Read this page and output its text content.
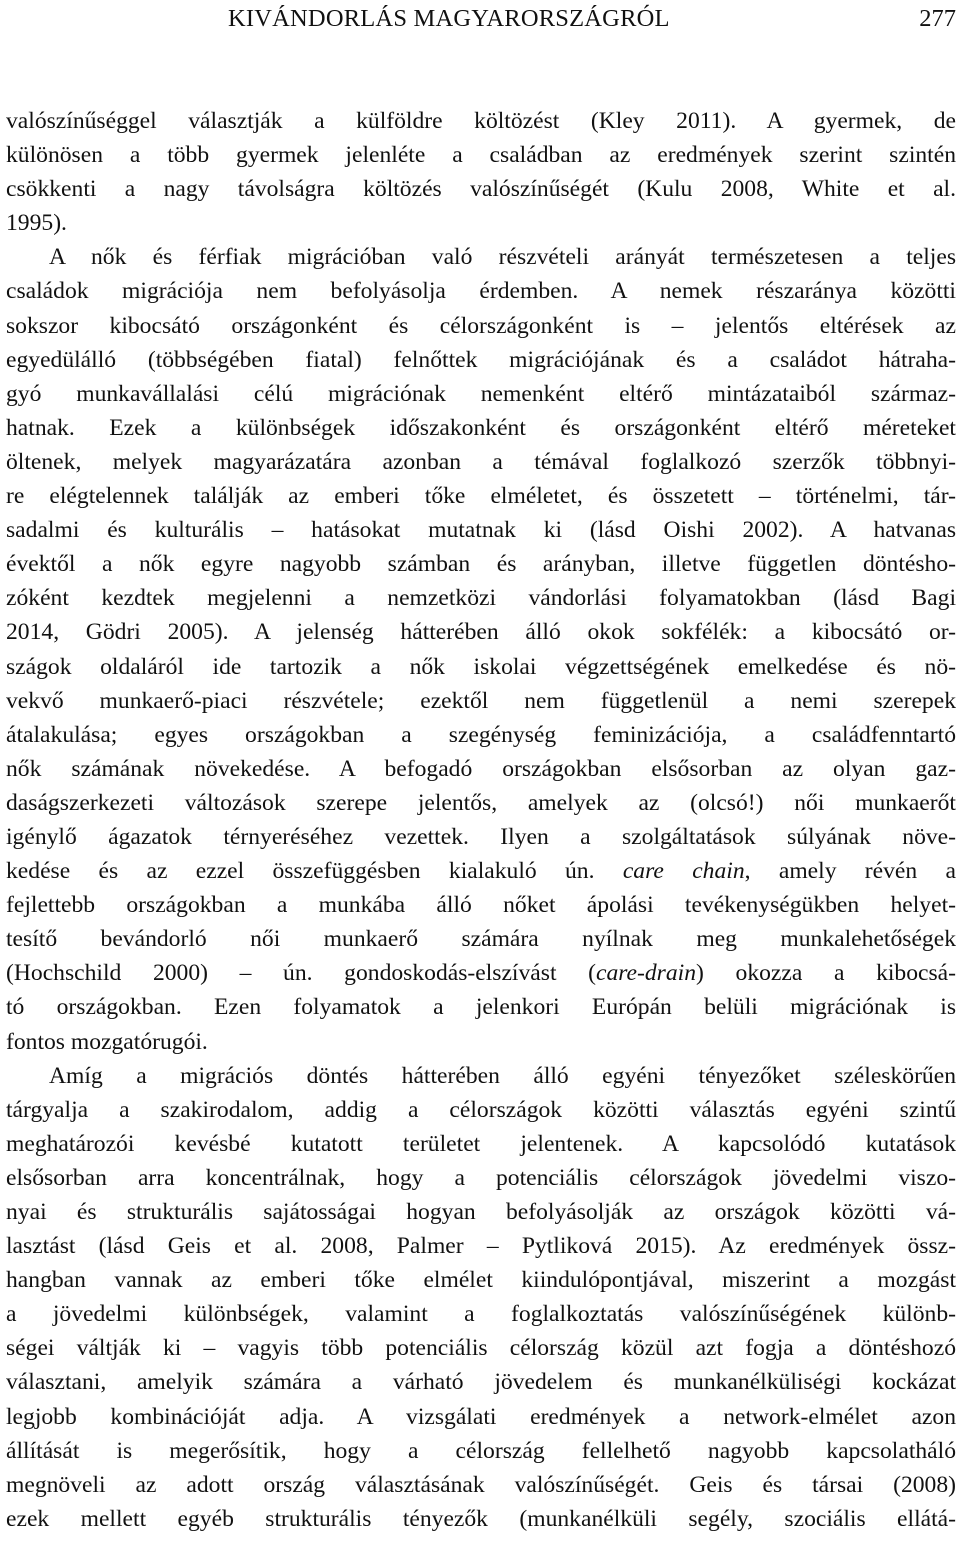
KIVÁNDORLÁS MAGYARORSZÁGRÓL	277
valószínűséggel választják a külföldre költözést (Kley 2011). A gyermek, de
különösen a több gyermek jelenléte a családban az eredmények szerint szintén
csökkenti a nagy távolságra költözés valószínűségét (Kulu 2008, White et al.
1995).
A nők és férfiak migrációban való részvételi arányát természetesen a teljes
családok migrációja nem befolyásolja érdemben. A nemek részaránya közötti
sokszor kibocsátó országonként és célországonként is – jelentős eltérések az
egyedülálló (többségében fiatal) felnőttek migrációjának és a családot hátraha-
gyó munkavállalási célú migrációnak nemenként eltérő mintázataiból származ-
hatnak. Ezek a különbségek időszakonként és országonként eltérő méreteket
öltenek, melyek magyarázatára azonban a témával foglalkozó szerzők többnyi-
re elégtelennek találják az emberi tőke elméletet, és összetett – történelmi, tár-
sadalmi és kulturális – hatásokat mutatnak ki (lásd Oishi 2002). A hatvanas
évektől a nők egyre nagyobb számban és arányban, illetve független döntésho-
zóként kezdtek megjelenni a nemzetközi vándorlási folyamatokban (lásd Bagi
2014, Gödri 2005). A jelenség hátterében álló okok sokfélék: a kibocsátó or-
szágok oldaláról ide tartozik a nők iskolai végzettségének emelkedése és nö-
vekvő munkaerő-piaci részvétele; ezektől nem függetlenül a nemi szerepek
átalakulása; egyes országokban a szegénység feminizációja, a családfenntartó
nők számának növekedése. A befogadó országokban elsősorban az olyan gaz-
daságszerkezeti változások szerepe jelentős, amelyek az (olcsó!) női munkaerőt
igénylő ágazatok térnyeréséhez vezettek. Ilyen a szolgáltatások súlyának növe-
kedése és az ezzel összefüggésben kialakuló ún. care chain, amely révén a
fejlettebb országokban a munkába álló nőket ápolási tevékenységükben helyet-
tesítő bevándorló női munkaerő számára nyílnak meg munkalehetőségek
(Hochschild 2000) – ún. gondoskodás-elszívást (care-drain) okozza a kibocsá-
tó országokban. Ezen folyamatok a jelenkori Európán belüli migrációnak is
fontos mozgatórugói.
Amíg a migrációs döntés hátterében álló egyéni tényezőket széleskörűen
tárgyalja a szakirodalom, addig a célországok közötti választás egyéni szintű
meghatározói kevésbé kutatott területet jelentenek. A kapcsolódó kutatások
elsősorban arra koncentrálnak, hogy a potenciális célországok jövedelmi viszo-
nyai és strukturális sajátosságai hogyan befolyásolják az országok közötti vá-
lasztást (lásd Geis et al. 2008, Palmer – Pytliková 2015). Az eredmények össz-
hangban vannak az emberi tőke elmélet kiindulópontjával, miszerint a mozgást
a jövedelmi különbségek, valamint a foglalkoztatás valószínűségének különb-
ségei váltják ki – vagyis több potenciális célország közül azt fogja a döntéshozó
választani, amelyik számára a várható jövedelem és munkanélküliségi kockázat
legjobb kombinációját adja. A vizsgálati eredmények a network-elmélet azon
állítását is megerősítik, hogy a célország fellelhető nagyobb kapcsolatháló
megnöveli az adott ország választásának valószínűségét. Geis és társai (2008)
ezek mellett egyéb strukturális tényezők (munkanélküli segély, szociális ellátá-
